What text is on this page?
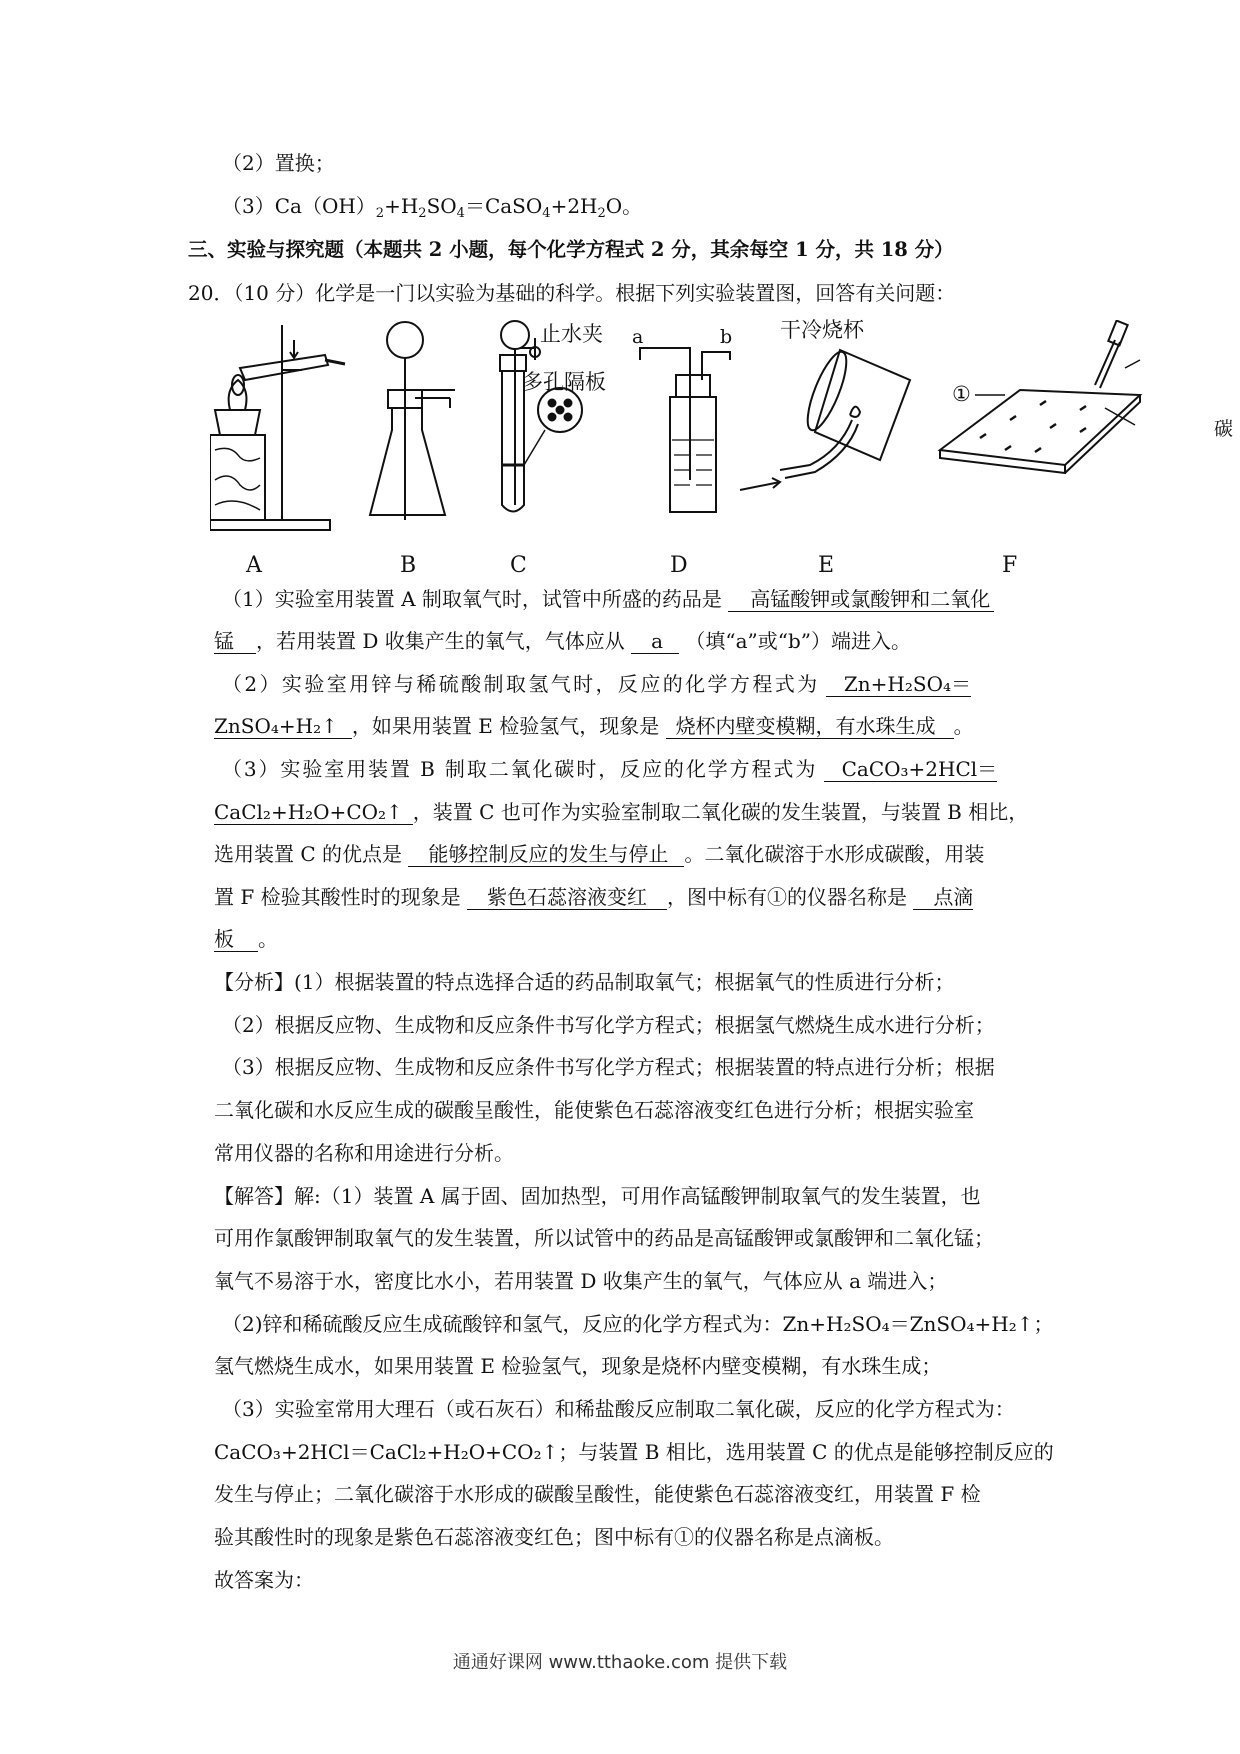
（2）置换；
$(3)Ca(OH)_2+H_2SO_4=CaSO_4+2H_2O$。
三、实验与探究题（本题共 2 小题，每个化学方程式 2 分，其余每空 1 分，共 18 分）
20．（10 分）化学是一门以实验为基础的科学。根据下列实验装置图，回答有关问题：
止水夹
多孔隔板
a	b 干冷烧杯
①
碳
A	B	C	D	E	F
（1）实验室用装置 A 制取氧气时，试管中所盛的药品是 高锰酸钾或氯酸钾和二氧化
锰 ，若用装置 D 收集产生的氧气，气体应从 a （填“a”或“b”）端进入。
（2）实验室用锌与稀硫酸制取氢气时，反应的化学方程式为 Zn+H₂SO₄＝
ZnSO₄+H₂↑ ，如果用装置 E 检验氢气，现象是 烧杯内壁变模糊，有水珠生成 。
（3）实验室用装置 B 制取二氧化碳时，反应的化学方程式为 CaCO₃+2HCl＝
CaCl₂+H₂O+CO₂↑ ，装置 C 也可作为实验室制取二氧化碳的发生装置，与装置 B 相比，
选用装置 C 的优点是 能够控制反应的发生与停止 。二氧化碳溶于水形成碳酸，用装
置 F 检验其酸性时的现象是 紫色石蕊溶液变红 ，图中标有①的仪器名称是 点滴
板 。
【分析】(1）根据装置的特点选择合适的药品制取氧气；根据氧气的性质进行分析；
（2）根据反应物、生成物和反应条件书写化学方程式；根据氢气燃烧生成水进行分析；
（3）根据反应物、生成物和反应条件书写化学方程式；根据装置的特点进行分析；根据
二氧化碳和水反应生成的碳酸呈酸性，能使紫色石蕊溶液变红色进行分析；根据实验室
常用仪器的名称和用途进行分析。
【解答】解:（1）装置 A 属于固、固加热型，可用作高锰酸钾制取氧气的发生装置，也
可用作氯酸钾制取氧气的发生装置，所以试管中的药品是高锰酸钾或氯酸钾和二氧化锰；
氧气不易溶于水，密度比水小，若用装置 D 收集产生的氧气，气体应从 a 端进入；
（2)锌和稀硫酸反应生成硫酸锌和氢气，反应的化学方程式为：Zn+H₂SO₄＝ZnSO₄+H₂↑；
氢气燃烧生成水，如果用装置 E 检验氢气，现象是烧杯内壁变模糊，有水珠生成；
（3）实验室常用大理石（或石灰石）和稀盐酸反应制取二氧化碳，反应的化学方程式为：
CaCO₃+2HCl＝CaCl₂+H₂O+CO₂↑；与装置 B 相比，选用装置 C 的优点是能够控制反应的
发生与停止；二氧化碳溶于水形成的碳酸呈酸性，能使紫色石蕊溶液变红，用装置 F 检
验其酸性时的现象是紫色石蕊溶液变红色；图中标有①的仪器名称是点滴板。
故答案为：
通通好课网 www.tthaoke.com 提供下载
